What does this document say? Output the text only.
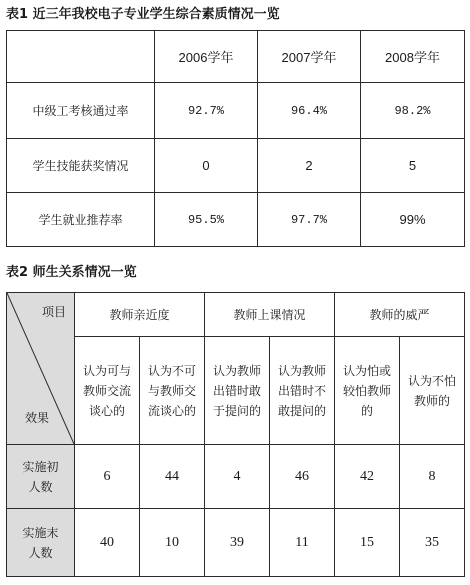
表1 近三年我校电子专业学生综合素质情况一览
	2006学年	2007学年	2008学年
中级工考核通过率	92.7%	96.4%	98.2%
学生技能获奖情况	0	2	5
学生就业推荐率	95.5%	97.7%	99%
表2 师生关系情况一览
项目
效果	教师亲近度		教师上课情况		教师的威严	
	认为可与教师交流谈心的	认为不可与教师交流谈心的	认为教师出错时敢于提问的	认为教师出错时不敢提问的	认为怕或较怕教师的	认为不怕教师的
实施初人数	6	44	4	46	42	8
实施末人数	40	10	39	11	15	35
